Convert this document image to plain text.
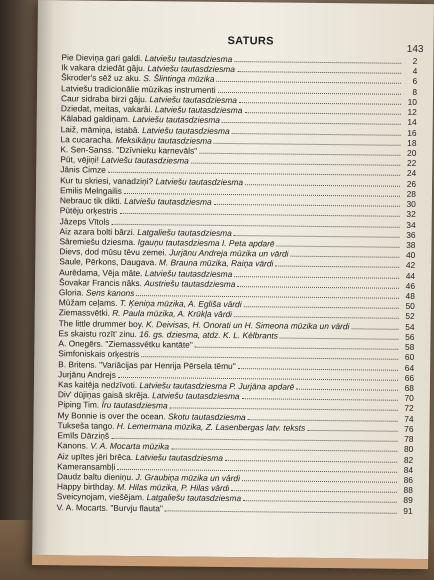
SATURS
143
Pie Dieviņa gari galdi. Latviešu tautasdziesma	2
Ik vakara dziedāt gāju. Latviešu tautasdziesma	4
Škroder's sēž uz aku. S. Šlintinga mūzika	6
Latviešu tradicionālie mūzikas instrumenti	8
Caur sidraba birzi gāju. Latviešu tautasdziesma	10
Dziedat, meitas, vakarāi. Latviešu tautasdziesma	12
Kālabad galdiņam. Latviešu tautasdziesma	14
Laiž, māmiņa, istabā. Latviešu tautasdziesma	16
La cucaracha. Meksikāņu tautasdziesma	18
K. Sen-Sanss. "Dzīvnieku karnevāls"	20
Pūt, vējiņi! Latviešu tautasdziesma	22
Jānis Cimze	24
Kur tu skriesi, vanadziņi? Latviešu tautasdziesma	26
Emilis Melngailis	28
Nebrauc tik dikti. Latviešu tautasdziesma	30
Pūtēju orķestris	32
Jāzeps Vītols	34
Aiz azara bolti bārzi. Latgaliešu tautasdziesma	36
Sāremiešu dziesma. Igauņu tautasdziesma I. Peta apdarē	38
Dievs, dod mūsu tēvu zemei. Jurjānu Andreja mūzika un vārdi	40
Saule, Pērkons, Daugava. M. Brauna mūzika, Raiņa vārdi	42
Aurēdama, Vēja māte. Latviešu tautasdziesma	44
Šovakar Francis nāks. Austriešu tautasdziesma	46
Gloria. Sens kanons	48
Mūžam ceļams. T. Ķeniņa mūzika, A. Egliša vārdi	50
Ziemassvētki. R. Paula mūzika, A. Krūkļa vārdi	52
The little drummer boy. K. Deivisas, H. Onorati un H. Simeona mūzika un vārdi	54
Es skaistu rozīt' zinu. 16. gs. dziesma, atdz. K. L. Kēlbrants	56
A. Onegērs. "Ziemassvētku kantāte"	58
Simfoniskais orķestris	60
B. Britens. "Variācijas par Henrija Pērsela tēmu"	64
Jurjānu Andrejs	66
Kas kaitēja nedzīvoti. Latviešu tautasdziesma P. Jurjāna apdarē	68
Div' dūjiņas gaisā skrēja. Latviešu tautasdziesma	70
Piping Tim. Īru tautasdziesma	72
My Bonnie is over the ocean. Skotu tautasdziesma	74
Tukseša tango. H. Lemermana mūzika, Z. Lasenbergas latv. teksts	76
Emīls Dārziņš	78
Kanons. V. A. Mocarta mūzika	80
Aiz upītes jēri brēca. Latviešu tautasdziesma	82
Kameransambļi	84
Daudz baltu dieniņu. J. Graubiņa mūzika un vārdi	86
Happy birthday. M. Hilas mūzika, P. Hilas vārdi	88
Sveicynojam, viešējam. Latgaliešu tautasdziesma	89
V. A. Mocarts. "Burvju flauta"	91
